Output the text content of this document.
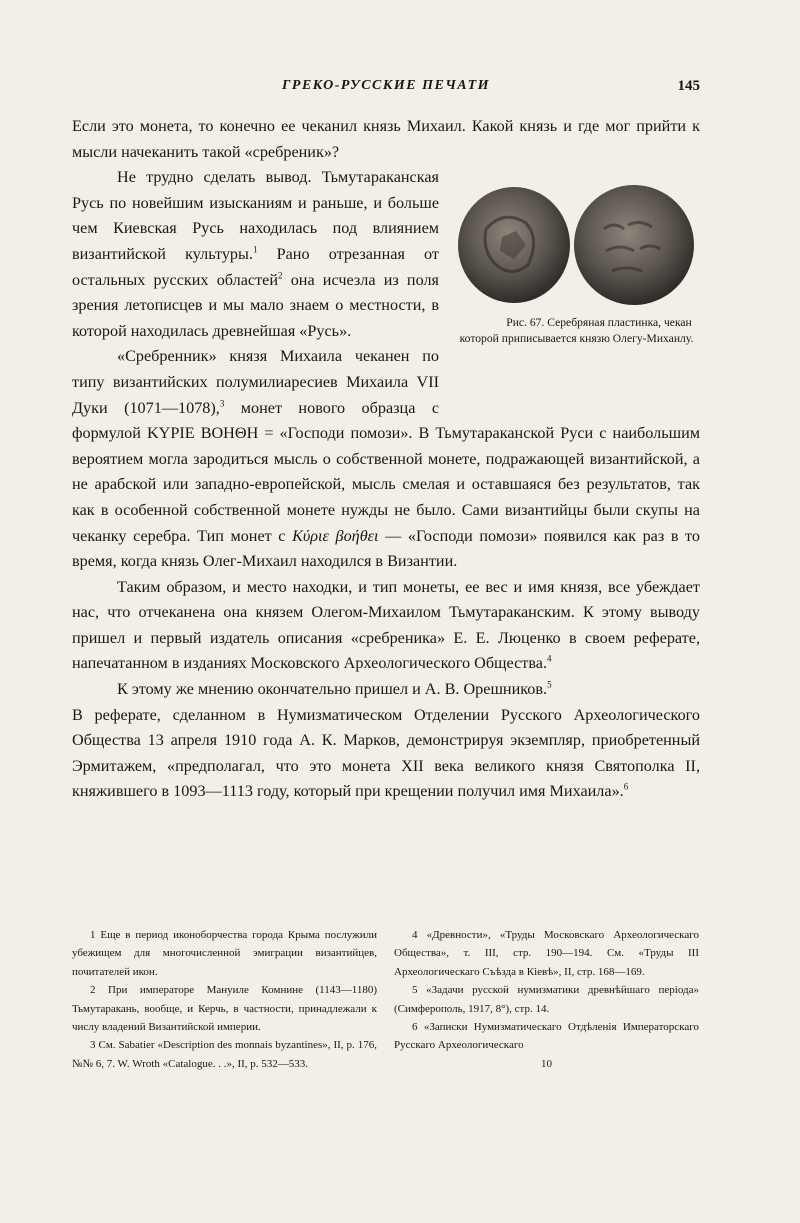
ГРЕКО-РУССКИЕ ПЕЧАТИ	145

Если это монета, то конечно ее чеканил князь Михаил. Какой князь и где мог прийти к мысли начеканить такой «сребреник»?

Рис. 67. Серебряная пластинка, чекан которой приписывается князю Олегу-Михаилу.
Не трудно сделать вывод. Тьмутараканская Русь по новейшим изысканиям и раньше, и больше чем Киевская Русь находилась под влиянием византийской культуры.$^1$ Рано отрезанная от остальных русских областей$^2$ она исчезла из поля зрения летописцев и мы мало знаем о местности, в которой находилась древнейшая «Русь».

«Сребренник» князя Михаила чеканен по типу византийских полумилиаресиев Михаила VII Дуки (1071—1078),$^3$ монет нового образца с формулой ΚΥΡΙΕ ΒΟΗΘΗ = «Господи помози». В Тьмутараканской Руси с наибольшим вероятием могла зародиться мысль о собственной монете, подражающей византийской, а не арабской или западно-европейской, мысль смелая и оставшаяся без результатов, так как в особенной собственной монете нужды не было. Сами византийцы были скупы на чеканку серебра. Тип монет с Κύριε βοήθει — «Господи помози» появился как раз в то время, когда князь Олег-Михаил находился в Византии.

Таким образом, и место находки, и тип монеты, ее вес и имя князя, все убеждает нас, что отчеканена она князем Олегом-Михаилом Тьмутараканским. К этому выводу пришел и первый издатель описания «сребреника» Е. Е. Люценко в своем реферате, напечатанном в изданиях Московского Археологического Общества.$^4$

К этому же мнению окончательно пришел и А. В. Орешников.$^5$

В реферате, сделанном в Нумизматическом Отделении Русского Археологического Общества 13 апреля 1910 года А. К. Марков, демонстрируя экземпляр, приобретенный Эрмитажем, «предполагал, что это монета XII века великого князя Святополка II, княжившего в 1093—1113 году, который при крещении получил имя Михаила».$^6$

1 Еще в период иконоборчества города Крыма послужили убежищем для многочисленной эмиграции византийцев, почитателей икон.

2 При императоре Мануиле Комнине (1143—1180) Тьмутаракань, вообще, и Керчь, в частности, принадлежали к числу владений Византийской империи.

3 См. Sabatier «Description des monnais byzantines», II, p. 176, №№ 6, 7. W. Wroth «Catalogue. . .», II, p. 532—533.

4 «Древности», «Труды Московскаго Археологическаго Общества», т. III, стр. 190—194. См. «Труды III Археологическаго Съѣзда в Кіевѣ», II, стр. 168—169.

5 «Задачи русской нумизматики древнѣйшаго періода» (Симферополь, 1917, 8°), стр. 14.

6 «Записки Нумизматическаго Отдѣленія Императорскаго Русскаго Археологическаго

10
